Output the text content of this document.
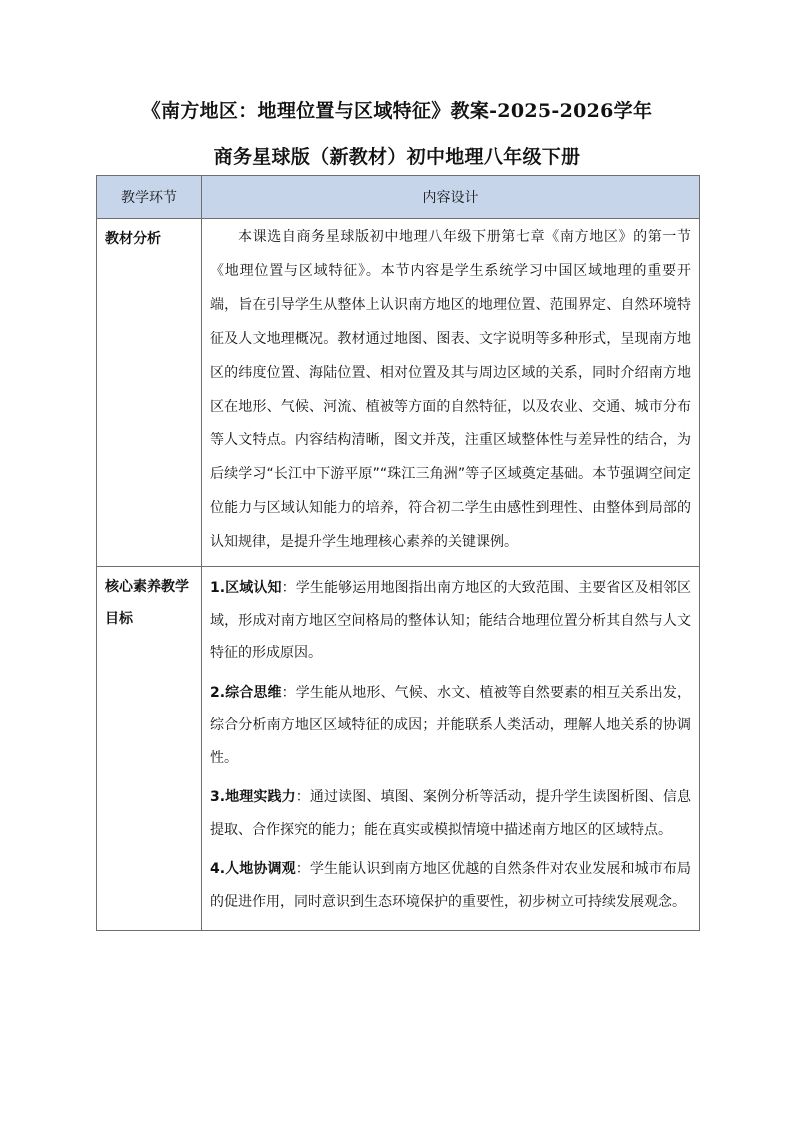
《南方地区：地理位置与区域特征》教案-2025-2026学年
商务星球版（新教材）初中地理八年级下册
教学环节	内容设计

教材分析	本课选自商务星球版初中地理八年级下册第七章《南方地区》的第一节《地理位置与区域特征》。本节内容是学生系统学习中国区域地理的重要开端，旨在引导学生从整体上认识南方地区的地理位置、范围界定、自然环境特征及人文地理概况。教材通过地图、图表、文字说明等多种形式，呈现南方地区的纬度位置、海陆位置、相对位置及其与周边区域的关系，同时介绍南方地区在地形、气候、河流、植被等方面的自然特征，以及农业、交通、城市分布等人文特点。内容结构清晰，图文并茂，注重区域整体性与差异性的结合，为后续学习“长江中下游平原”“珠江三角洲”等子区域奠定基础。本节强调空间定位能力与区域认知能力的培养，符合初二学生由感性到理性、由整体到局部的认知规律，是提升学生地理核心素养的关键课例。

核心素养教学目标	1.区域认知：学生能够运用地图指出南方地区的大致范围、主要省区及相邻区域，形成对南方地区空间格局的整体认知；能结合地理位置分析其自然与人文特征的形成原因。

2.综合思维：学生能从地形、气候、水文、植被等自然要素的相互关系出发，综合分析南方地区区域特征的成因；并能联系人类活动，理解人地关系的协调性。

3.地理实践力：通过读图、填图、案例分析等活动，提升学生读图析图、信息提取、合作探究的能力；能在真实或模拟情境中描述南方地区的区域特点。

4.人地协调观：学生能认识到南方地区优越的自然条件对农业发展和城市布局的促进作用，同时意识到生态环境保护的重要性，初步树立可持续发展观念。
